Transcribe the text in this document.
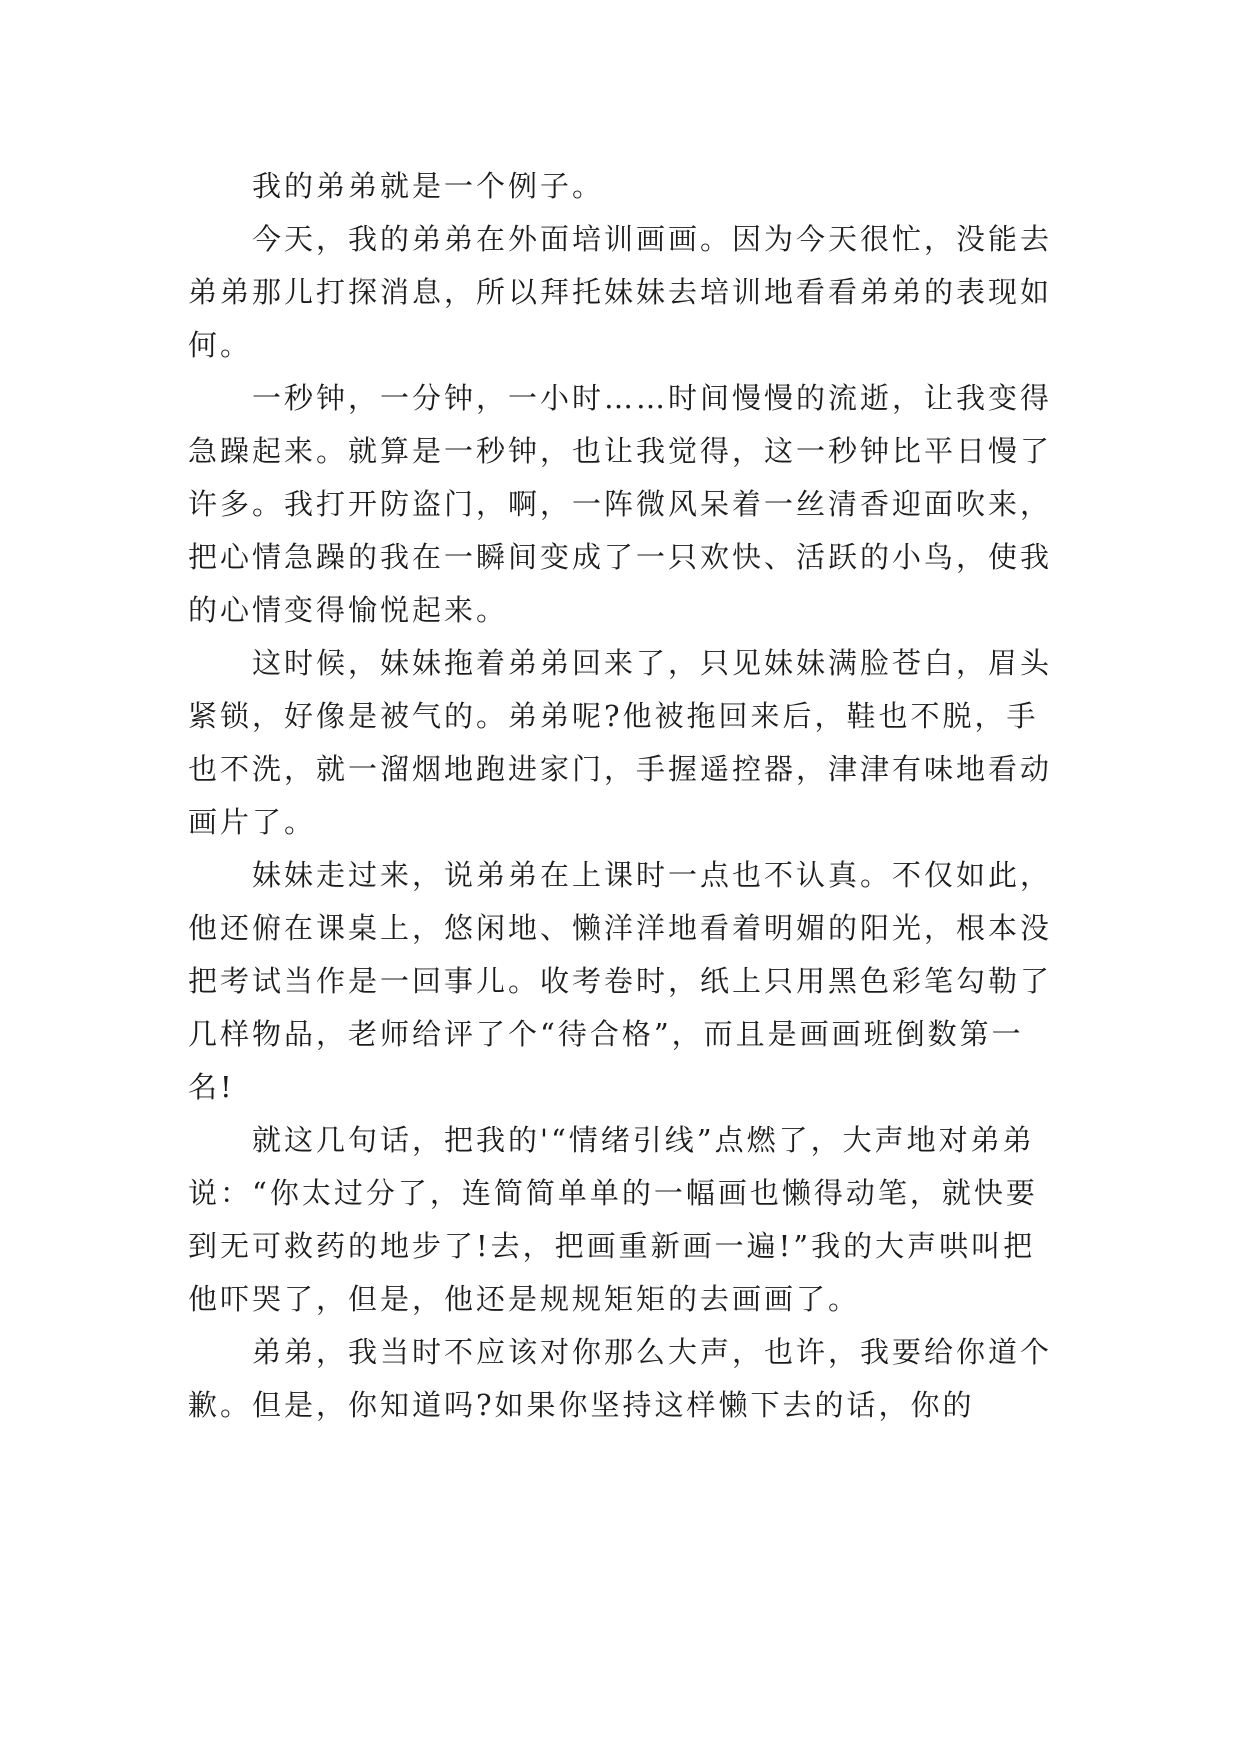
我的弟弟就是一个例子。

今天，我的弟弟在外面培训画画。因为今天很忙，没能去弟弟那儿打探消息，所以拜托妹妹去培训地看看弟弟的表现如何。

一秒钟，一分钟，一小时……时间慢慢的流逝，让我变得急躁起来。就算是一秒钟，也让我觉得，这一秒钟比平日慢了许多。我打开防盗门，啊，一阵微风呆着一丝清香迎面吹来，把心情急躁的我在一瞬间变成了一只欢快、活跃的小鸟，使我的心情变得愉悦起来。

这时候，妹妹拖着弟弟回来了，只见妹妹满脸苍白，眉头紧锁，好像是被气的。弟弟呢?他被拖回来后，鞋也不脱，手也不洗，就一溜烟地跑进家门，手握遥控器，津津有味地看动画片了。

妹妹走过来，说弟弟在上课时一点也不认真。不仅如此，他还俯在课桌上，悠闲地、懒洋洋地看着明媚的阳光，根本没把考试当作是一回事儿。收考卷时，纸上只用黑色彩笔勾勒了几样物品，老师给评了个“待合格”，而且是画画班倒数第一名!

就这几句话，把我的'“情绪引线”点燃了，大声地对弟弟说：“你太过分了，连简简单单的一幅画也懒得动笔，就快要到无可救药的地步了!去，把画重新画一遍!”我的大声哄叫把他吓哭了，但是，他还是规规矩矩的去画画了。

弟弟，我当时不应该对你那么大声，也许，我要给你道个歉。但是，你知道吗?如果你坚持这样懒下去的话，你的
